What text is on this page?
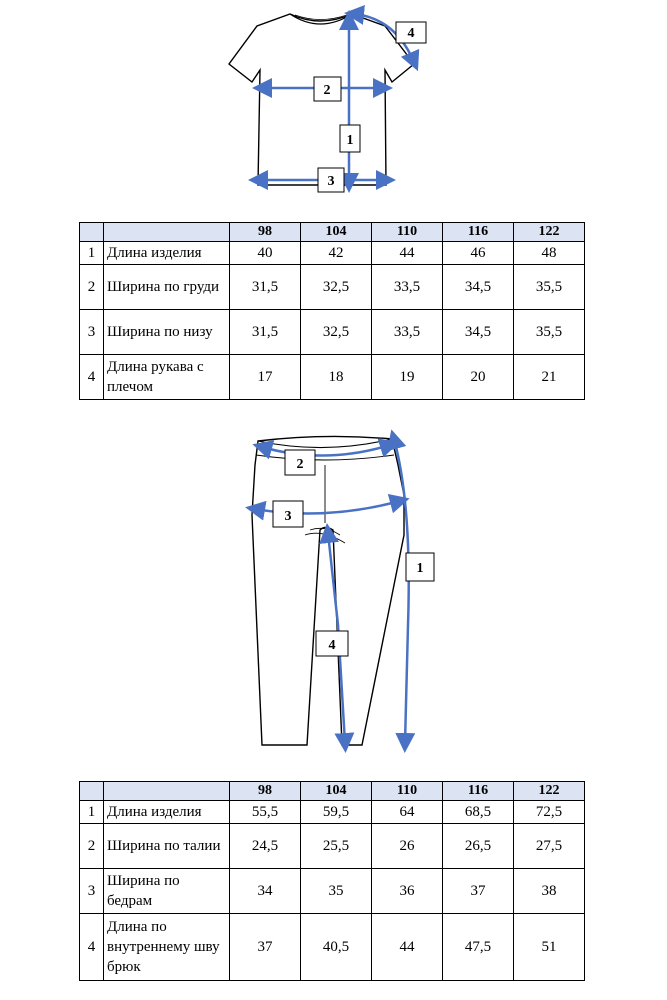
1
2
3
4
		98	104	110	116	122
1	Длина изделия	40	42	44	46	48
2	Ширина по груди	31,5	32,5	33,5	34,5	35,5
3	Ширина по низу	31,5	32,5	33,5	34,5	35,5
4	Длина рукава с плечом	17	18	19	20	21
1
2
3
4
		98	104	110	116	122
1	Длина изделия	55,5	59,5	64	68,5	72,5
2	Ширина по талии	24,5	25,5	26	26,5	27,5
3	Ширина по бедрам	34	35	36	37	38
4	Длина по внутреннему шву брюк	37	40,5	44	47,5	51
